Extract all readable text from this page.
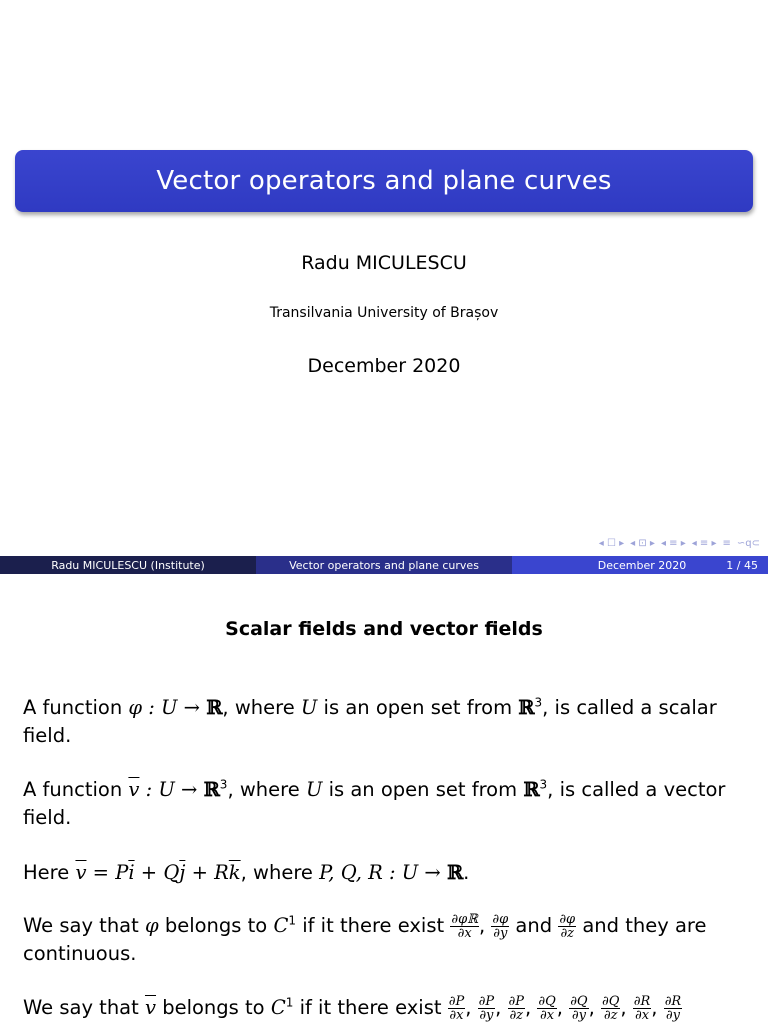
Vector operators and plane curves
Radu MICULESCU
Transilvania University of Brașov
December 2020
◂ ☐ ▸ ◂ ⊡ ▸ ◂ ≡ ▸ ◂ ≡ ▸ ≡ ∽ԛ⊂
Radu MICULESCU (Institute)	Vector operators and plane curves	December 2020	1 / 45
Scalar fields and vector fields
A function φ : U → ℝ, where U is an open set from ℝ$^3$, is called a scalar field.
A function $\overline{v}$ : U → ℝ$^3$, where U is an open set from ℝ$^3$, is called a vector field.
Here $\overline{v} = P\overline{i} + Q\overline{j} + R\overline{k}$, where P, Q, R : U → ℝ.
We say that φ belongs to $C^1$ if it there exist $\frac{\text{∂φℝ}}{\partial x}$ , $\frac{\partial\varphi}{\partial y}$ and $\frac{\partial\varphi}{\partial z}$ and they are continuous.
We say that $\overline{v}$ belongs to $C^1$ if it there exist $\frac{\partial P}{\partial x}$ , $\frac{\partial P}{\partial y}$ , $\frac{\partial P}{\partial z}$ , $\frac{\partial Q}{\partial x}$ , $\frac{\partial Q}{\partial y}$ , $\frac{\partial Q}{\partial z}$ , $\frac{\partial R}{\partial x}$ , $\frac{\partial R}{\partial y}$
